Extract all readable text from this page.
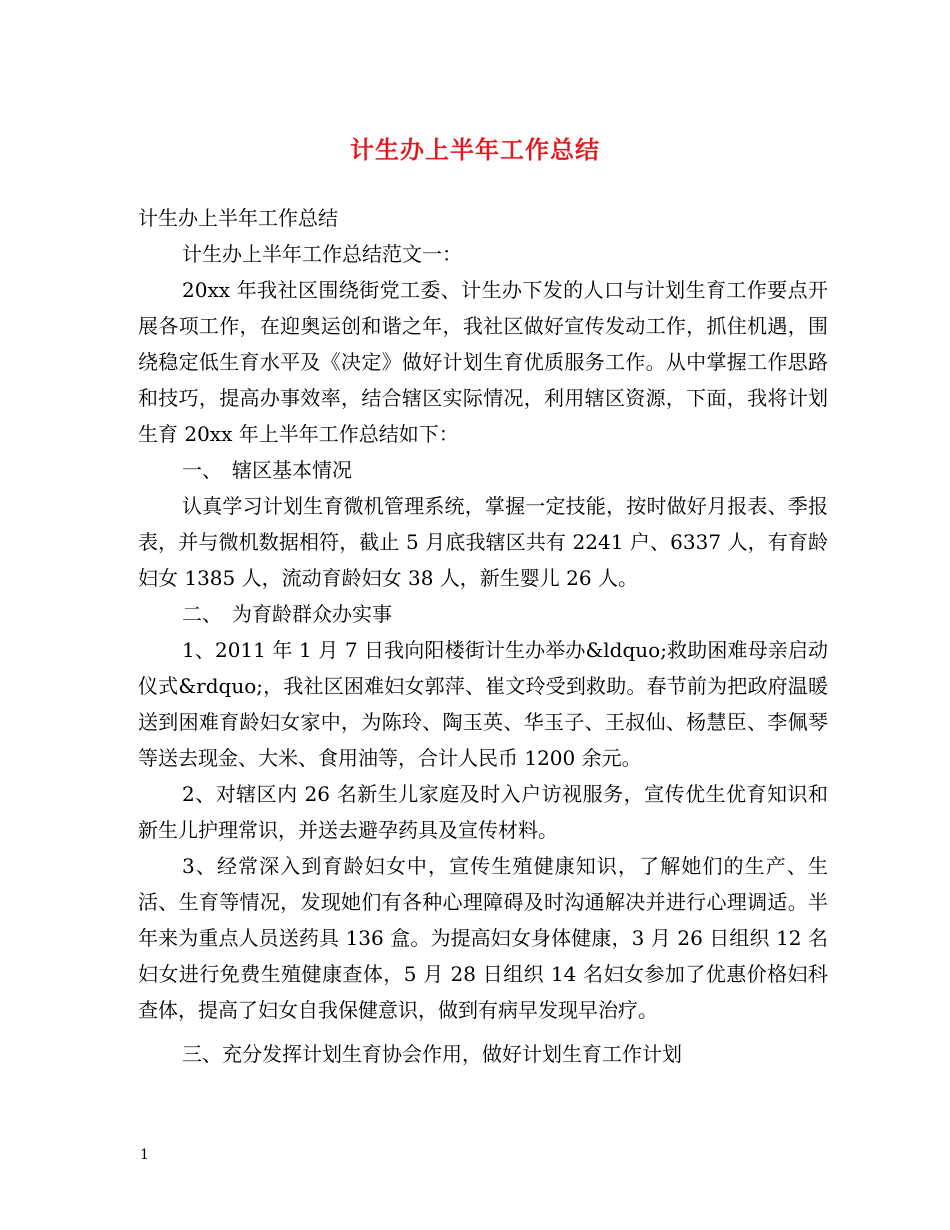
计生办上半年工作总结

计生办上半年工作总结

计生办上半年工作总结范文一：

20xx 年我社区围绕街党工委、计生办下发的人口与计划生育工作要点开展各项工作，在迎奥运创和谐之年，我社区做好宣传发动工作，抓住机遇，围绕稳定低生育水平及《决定》做好计划生育优质服务工作。从中掌握工作思路和技巧，提高办事效率，结合辖区实际情况，利用辖区资源，下面，我将计划生育 20xx 年上半年工作总结如下：

一、　辖区基本情况

认真学习计划生育微机管理系统，掌握一定技能，按时做好月报表、季报表，并与微机数据相符，截止 5 月底我辖区共有 2241 户、6337 人，有育龄妇女 1385 人，流动育龄妇女 38 人，新生婴儿 26 人。

二、　为育龄群众办实事

1、2011 年 1 月 7 日我向阳楼街计生办举办&ldquo;救助困难母亲启动仪式&rdquo;，我社区困难妇女郭萍、崔文玲受到救助。春节前为把政府温暖送到困难育龄妇女家中，为陈玲、陶玉英、华玉子、王叔仙、杨慧臣、李佩琴等送去现金、大米、食用油等，合计人民币 1200 余元。

2、对辖区内 26 名新生儿家庭及时入户访视服务，宣传优生优育知识和新生儿护理常识，并送去避孕药具及宣传材料。

3、经常深入到育龄妇女中，宣传生殖健康知识，了解她们的生产、生活、生育等情况，发现她们有各种心理障碍及时沟通解决并进行心理调适。半年来为重点人员送药具 136 盒。为提高妇女身体健康，3 月 26 日组织 12 名妇女进行免费生殖健康查体，5 月 28 日组织 14 名妇女参加了优惠价格妇科查体，提高了妇女自我保健意识，做到有病早发现早治疗。

三、充分发挥计划生育协会作用，做好计划生育工作计划

1
